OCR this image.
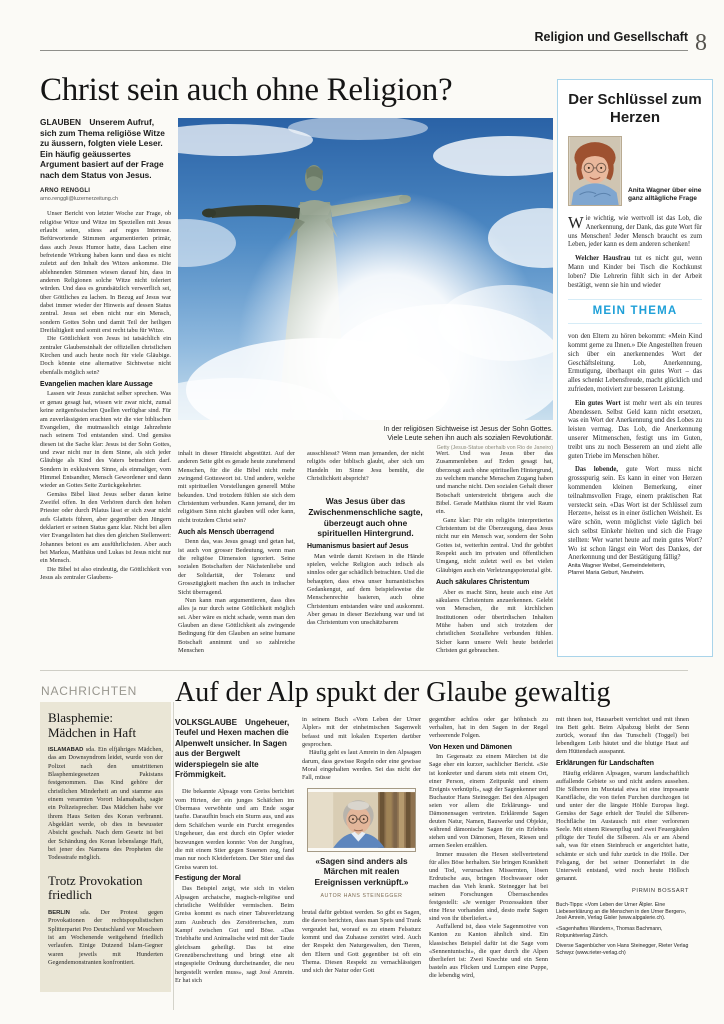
Religion und Gesellschaft 8
Christ sein auch ohne Religion?

GLAUBEN  Unserem Aufruf, sich zum Thema religiöse Witze zu äussern, folgten viele Leser. Ein häufig geäussertes Argument basiert auf der Frage nach dem Status von Jesus.

ARNO RENGGLI
arno.renggli@luzernerzeitung.ch

Unser Bericht von letzter Woche zur Frage, ob religiöse Witze und Witze im Speziellen mit Jesus erlaubt seien, stiess auf reges Interesse. Befürwortende Stimmen argumentierten primär, dass auch Jesus Humor hatte, dass Lachen eine befreiende Wirkung haben kann und dass es nicht zuletzt auf den Inhalt des Witzes ankomme. Die ablehnenden Stimmen wiesen darauf hin, dass in anderen Religionen solche Witze nicht toleriert würden. Und dass es grundsätzlich verwerflich sei, über Göttliches zu lachen. In Bezug auf Jesus war dabei immer wieder der Hinweis auf dessen Status zentral. Jesus sei eben nicht nur ein Mensch, sondern Gottes Sohn und damit Teil der heiligen Dreifaltigkeit und somit erst recht tabu für Witze.

Die Göttlichkeit von Jesus ist tatsächlich ein zentraler Glaubensinhalt der offiziellen christlichen Kirchen und auch heute noch für viele Gläubige. Doch könnte eine alternative Sichtweise nicht ebenfalls möglich sein?

Evangelien machen klare Aussage

Lassen wir Jesus zunächst selber sprechen. Was er genau gesagt hat, wissen wir zwar nicht, zumal keine zeitgenössischen Quellen verfügbar sind. Für am zuverlässigsten erachten wir die vier biblischen Evangelien, die mutmasslich einige Jahrzehnte nach seinem Tod entstanden sind. Und gemäss diesen ist die Sache klar: Jesus ist der Sohn Gottes, und zwar nicht nur in dem Sinne, als sich jeder Gläubige als Kind des Vaters betrachten darf. Sondern in exklusivem Sinne, als einmaliger, vom Himmel Entsandter, Mensch Gewordener und dann wieder an Gottes Seite Zurückgekehrter.

Gemäss Bibel lässt Jesus selber daran keine Zweifel offen. In den Verhören durch den hohen Priester oder durch Pilatus lässt er sich zwar nicht aufs Glatteis führen, aber gegenüber den Jüngern deklariert er seinen Status ganz klar. Nicht bei allen vier Evangelisten hat dies den gleichen Stellenwert: Johannes betont es am ausführlichsten. Aber auch bei Markus, Matthäus und Lukas ist Jesus nicht nur ein Mensch.

Die Bibel ist also eindeutig, die Göttlichkeit von Jesus als zentraler Glaubens-

In der religiösen Sichtweise ist Jesus der Sohn Gottes.
Viele Leute sehen ihn auch als sozialen Revolutionär.
Getty (Jesus-Statue oberhalb von Rio de Janeiro)

inhalt in dieser Hinsicht abgestützt. Auf der anderen Seite gibt es gerade heute zunehmend Menschen, für die die Bibel nicht mehr zwingend Gotteswort ist. Und andere, welche mit spirituellen Vorstellungen generell Mühe bekunden. Und trotzdem fühlen sie sich dem Christentum verbunden. Kann jemand, der im religiösen Sinn nicht glauben will oder kann, nicht trotzdem Christ sein?

Auch als Mensch überragend

Denn das, was Jesus gesagt und getan hat, ist auch von grosser Bedeutung, wenn man die religiöse Dimension ignoriert. Seine sozialen Botschaften der Nächstenliebe und der Solidarität, der Toleranz und Grosszügigkeit machen ihn auch in irdischer Sicht überragend.

Nun kann man argumentieren, dass dies alles ja nur durch seine Göttlichkeit möglich sei. Aber wäre es nicht schade, wenn man den Glauben an diese Göttlichkeit als zwingende Bedingung für den Glauben an seine humane Botschaft annimmt und so zahlreiche Menschen

ausschliesst? Wenn man jemanden, der nicht religiös oder biblisch glaubt, aber sich um Handeln im Sinne Jesu bemüht, die Christlichkeit abspricht?

Was Jesus über das Zwischenmenschliche sagte, überzeugt auch ohne spirituellen Hintergrund.

Humanismus basiert auf Jesus

Man würde damit Kreisen in die Hände spielen, welche Religion auch irdisch als sinnlos oder gar schädlich betrachten. Und die behaupten, dass etwa unser humanistisches Gedankengut, auf dem beispielsweise die Menschenrechte basieren, auch ohne Christentum entstanden wäre und auskommt. Aber genau in dieser Beziehung war und ist das Christentum von unschätzbarem

Wert. Und was Jesus über das Zusammenleben auf Erden gesagt hat, überzeugt auch ohne spirituellen Hintergrund, zu welchem manche Menschen Zugang haben und manche nicht. Den sozialen Gehalt dieser Botschaft unterstreicht übrigens auch die Bibel. Gerade Matthäus räumt ihr viel Raum ein.

Ganz klar: Für ein religiös interpretiertes Christentum ist die Überzeugung, dass Jesus nicht nur ein Mensch war, sondern der Sohn Gottes ist, weiterhin zentral. Und ihr gebührt Respekt auch im privaten und öffentlichen Umgang, nicht zuletzt weil es bei vielen Gläubigen auch ein Verletzungspotenzial gibt.

Auch säkulares Christentum

Aber es macht Sinn, heute auch eine Art säkulares Christentum anzuerkennen. Gelebt von Menschen, die mit kirchlichen Institutionen oder überirdischen Inhalten Mühe haben und sich trotzdem der christlichen Soziallehre verbunden fühlen. Sicher kann unsere Welt heute beiderlei Christen gut gebrauchen.

Der Schlüssel zum Herzen
Anita Wagner über eine ganz alltägliche Frage

Wie wichtig, wie wertvoll ist das Lob, die Anerkennung, der Dank, das gute Wort für uns Menschen! Jeder Mensch braucht es zum Leben, jeder kann es dem anderen schenken!

Welcher Hausfrau tut es nicht gut, wenn Mann und Kinder bei Tisch die Kochkunst loben? Die Lehrerin fühlt sich in der Arbeit bestätigt, wenn sie hin und wieder

MEIN THEMA

von den Eltern zu hören bekommt: «Mein Kind kommt gerne zu Ihnen.» Die Angestellten freuen sich über ein anerkennendes Wort der Geschäftsleitung. Lob, Anerkennung, Ermutigung, überhaupt ein gutes Wort – das alles schenkt Lebensfreude, macht glücklich und zufrieden, motiviert zur besseren Leistung.

Ein gutes Wort ist mehr wert als ein teures Abendessen. Selbst Geld kann nicht ersetzen, was ein Wort der Anerkennung und des Lobes zu leisten vermag. Das Lob, die Anerkennung unserer Mitmenschen, festigt uns im Guten, treibt uns zu noch Besserem an und zieht alle guten Triebe im Menschen höher.

Das lobende, gute Wort muss nicht grossspurig sein. Es kann in einer von Herzen kommenden kleinen Bemerkung, einer teilnahmsvollen Frage, einem praktischen Rat versteckt sein. «Das Wort ist der Schlüssel zum Herzen», heisst es in einer östlichen Weisheit. Es wäre schön, wenn möglichst viele täglich bei sich selbst Einkehr hielten und sich die Frage stellten: Wer wartet heute auf mein gutes Wort? Wo ist schon längst ein Wort des Dankes, der Anerkennung und der Bestätigung fällig?

Anita Wagner Weibel, Gemeindeleiterin,
Pfarrei Maria Geburt, Neuheim.

NACHRICHTEN
Blasphemie: Mädchen in Haft

ISLAMABAD sda. Ein elfjähriges Mädchen, das am Downsyndrom leidet, wurde von der Polizei nach den umstrittenen Blasphemiegesetzen Pakistans festgenommen. Das Kind gehöre der christlichen Minderheit an und stamme aus einem verarmten Vorort Islamabads, sagte ein Polizeisprecher. Das Mädchen habe vor ihrem Haus Seiten des Koran verbrannt. Abgeklärt werde, ob dies in bewusster Absicht geschah. Nach dem Gesetz ist bei der Schändung des Koran lebenslange Haft, bei jener des Namens des Propheten die Todesstrafe möglich.

Trotz Provokation friedlich

BERLIN sda. Der Protest gegen Provokationen der rechtspopulistischen Splitterpartei Pro Deutschland vor Moscheen ist am Wochenende weitgehend friedlich verlaufen. Einige Dutzend Islam-Gegner waren jeweils mit Hunderten Gegendemonstranten konfrontiert.

Auf der Alp spukt der Glaube gewaltig

VOLKSGLAUBE  Ungeheuer, Teufel und Hexen machen die Alpenwelt unsicher. In Sagen aus der Bergwelt widerspiegeln sie alte Frömmigkeit.

Die bekannte Alpsage vom Greiss berichtet vom Hirten, der ein junges Schäfchen im Übermass verwöhnte und am Ende sogar taufte. Daraufhin brach ein Sturm aus, und aus dem Schäfchen wurde ein Furcht erregendes Ungeheuer, das erst durch ein Opfer wieder bezwungen werden konnte: Von der Jungfrau, die mit einem Stier gegen Susenen zog, fand man nur noch Kleiderfetzen. Der Stier und das Greiss waren tot.

Festigung der Moral

Das Beispiel zeigt, wie sich in vielen Alpsagen archaische, magisch-religiöse und christliche Weltbilder vermischen. Beim Greiss kommt es nach einer Tabuverletzung zum Ausbruch des Zerstörerischen, zum Kampf zwischen Gut und Böse. «Das Triebhafte und Animalische wird mit der Taufe gleichsam geheiligt. Das ist eine Grenzüberschreitung und bringt eine alt eingespielte Ordnung durcheinander, die neu hergestellt werden muss», sagt José Amrein. Er hat sich

in seinem Buch «Vom Leben der Urner Älpler» mit der einheimischen Sagenwelt befasst und mit lokalen Experten darüber gesprochen.

Häufig geht es laut Amrein in den Alpsagen darum, dass gewisse Regeln oder eine gewisse Moral eingehalten werden. Sei das nicht der Fall, müsse

«Sagen sind anders als Märchen mit realen Ereignissen verknüpft.»

AUTOR HANS STEINEGGER

brutal dafür gebüsst werden. So gibt es Sagen, die davon berichten, dass man Speis und Trank vergeudet hat, worauf es zu einem Felssturz kommt und das Zuhause zerstört wird. Auch der Respekt den Naturgewalten, den Tieren, den Eltern und Gott gegenüber ist oft ein Thema. Diesen Respekt zu vernachlässigen und sich der Natur oder Gott

gegenüber achtlos oder gar höhnisch zu verhalten, hat in den Sagen in der Regel verheerende Folgen.

Von Hexen und Dämonen

Im Gegensatz zu einem Märchen ist die Sage eher ein kurzer, sachlicher Bericht. «Sie ist konkreter und darum stets mit einem Ort, einer Person, einem Zeitpunkt und einem Ereignis verknüpft», sagt der Sagenkenner und Buchautor Hans Steinegger. Bei den Alpsagen seien vor allem die Erklärungs- und Dämonensagen vertreten. Erklärende Sagen deuten Natur, Namen, Bauwerke und Objekte, während dämonische Sagen für ein Erlebnis stehen und von Dämonen, Hexen, Riesen und armen Seelen erzählen.

Immer mussten die Hexen stellvertretend für alles Böse herhalten. Sie bringen Krankheit und Tod, verursachen Missernten, lösen Erdrutsche aus, bringen Hochwasser oder machen das Vieh krank. Steinegger hat bei seinen Forschungen Überraschendes festgestellt: «Je weniger Prozessakten über eine Hexe vorhanden sind, desto mehr Sagen sind von ihr überliefert.»

Auffallend ist, dass viele Sagenmotive von Kanton zu Kanton ähnlich sind. Ein klassisches Beispiel dafür ist die Sage vom «Sennentuntschi», die quer durch die Alpen überliefert ist: Zwei Knechte und ein Senn basteln aus Flicken und Lumpen eine Puppe, die lebendig wird,

mit ihnen isst, Hausarbeit verrichtet und mit ihnen ins Bett geht. Beim Alpabzug bleibt der Senn zurück, worauf ihn das Tunscheli (Toggel) bei lebendigem Leib häutet und die blutige Haut auf dem Hüttendach ausspannt.

Erklärungen für Landschaften

Häufig erklären Alpsagen, warum landschaftlich auffallende Gebiete so und nicht anders aussehen. Die Silberen im Muotatal etwa ist eine imposante Karstfläche, die von tiefen Furchen durchzogen ist und unter der die längste Höhle Europas liegt. Gemäss der Sage erhielt der Teufel die Silberen-Hochfläche im Austausch mit einer verlorenen Seele. Mit einem Riesenpflug und zwei Feuergäulen pflügte der Teufel die Silberen. Als er am Abend sah, was für einen Steinbruch er angerichtet hatte, schämte er sich und fuhr zurück in die Hölle. Der Felsgang, der bei seiner Donnerfahrt in die Unterwelt entstand, wird noch heute Hölloch genannt.

PIRMIN BOSSART

Buch-Tipps: «Vom Leben der Urner Älpler. Eine Liebeserklärung an die Menschen in den Urner Bergen», José Amrein, Verlag Gisler (www.alpgalerie.ch).

«Sagenhaftes Wandern», Thomas Bachmann, Rotpunktverlag Zürich.

Diverse Sagenbücher von Hans Steinegger, Rieter Verlag Schwyz (www.rieter-verlag.ch)
